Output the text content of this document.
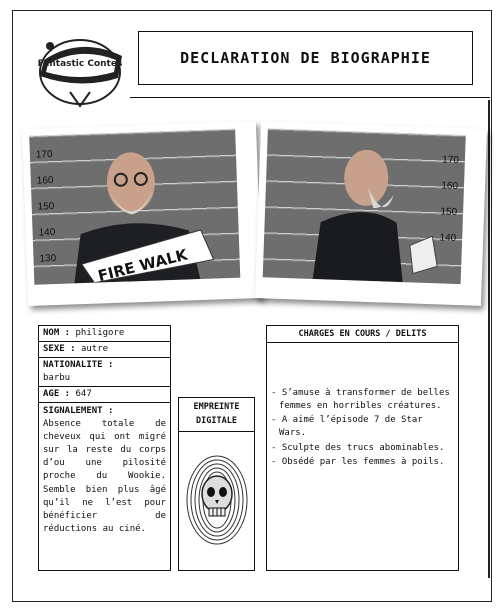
Fantastic Contes	DECLARATION DE BIOGRAPHIE
170
160
150
140
130	FIRE WALK
170
160
150
140
NOM : philigore
SEXE : autre
NATIONALITE :
barbu
AGE : 647
SIGNALEMENT :
Absence totale de cheveux qui ont migré sur la reste du corps d’ou une pilosité proche du Wookie. Semble bien plus âgé qu’il ne l’est pour bénéficier de réductions au ciné.
EMPREINTE
DIGITALE
CHARGES EN COURS / DELITS
- S’amuse à transformer de belles femmes en horribles créatures.
- A aimé l’épisode 7 de Star Wars.
- Sculpte des trucs abominables.
- Obsédé par les femmes à poils.
